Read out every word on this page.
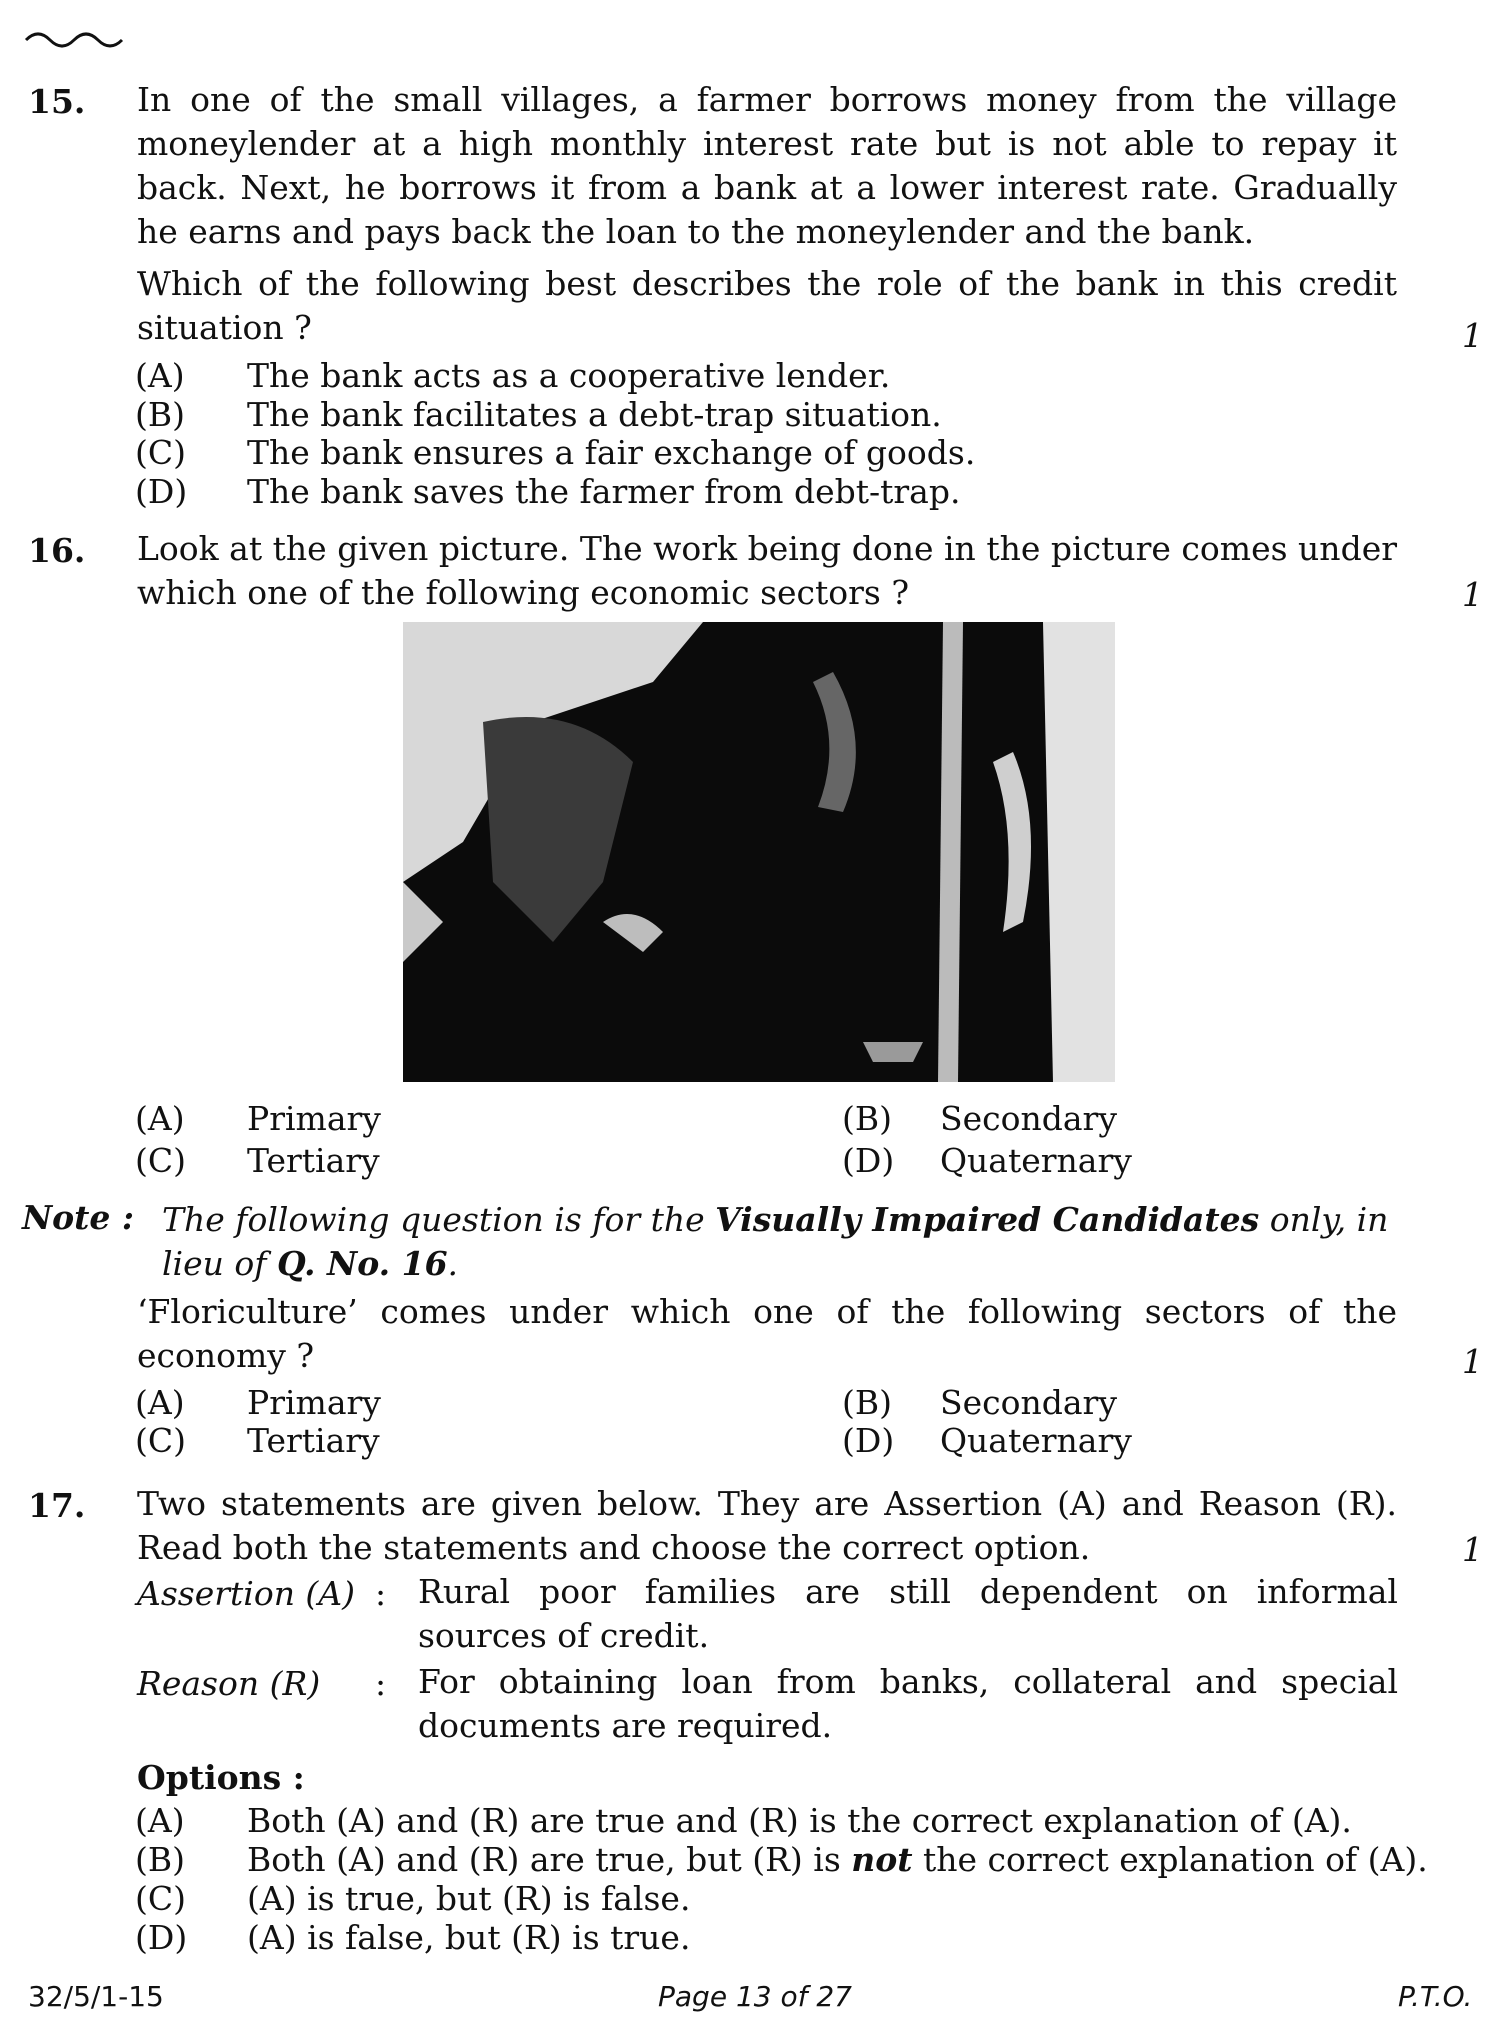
15. In one of the small villages, a farmer borrows money from the village moneylender at a high monthly interest rate but is not able to repay it back. Next, he borrows it from a bank at a lower interest rate. Gradually he earns and pays back the loan to the moneylender and the bank.
Which of the following best describes the role of the bank in this credit situation ?	1
(A) The bank acts as a cooperative lender.
(B) The bank facilitates a debt-trap situation.
(C) The bank ensures a fair exchange of goods.
(D) The bank saves the farmer from debt-trap.
16. Look at the given picture. The work being done in the picture comes under which one of the following economic sectors ?	1
(A) Primary	(B) Secondary
(C) Tertiary	(D) Quaternary
Note : The following question is for the Visually Impaired Candidates only, in lieu of Q. No. 16.
‘Floriculture’ comes under which one of the following sectors of the economy ?	1
(A) Primary	(B) Secondary
(C) Tertiary	(D) Quaternary
17. Two statements are given below. They are Assertion (A) and Reason (R). Read both the statements and choose the correct option.	1
Assertion (A) : Rural poor families are still dependent on informal sources of credit.
Reason (R) : For obtaining loan from banks, collateral and special documents are required.
Options :
(A) Both (A) and (R) are true and (R) is the correct explanation of (A).
(B) Both (A) and (R) are true, but (R) is not the correct explanation of (A).
(C) (A) is true, but (R) is false.
(D) (A) is false, but (R) is true.
32/5/1-15	Page 13 of 27	P.T.O.
